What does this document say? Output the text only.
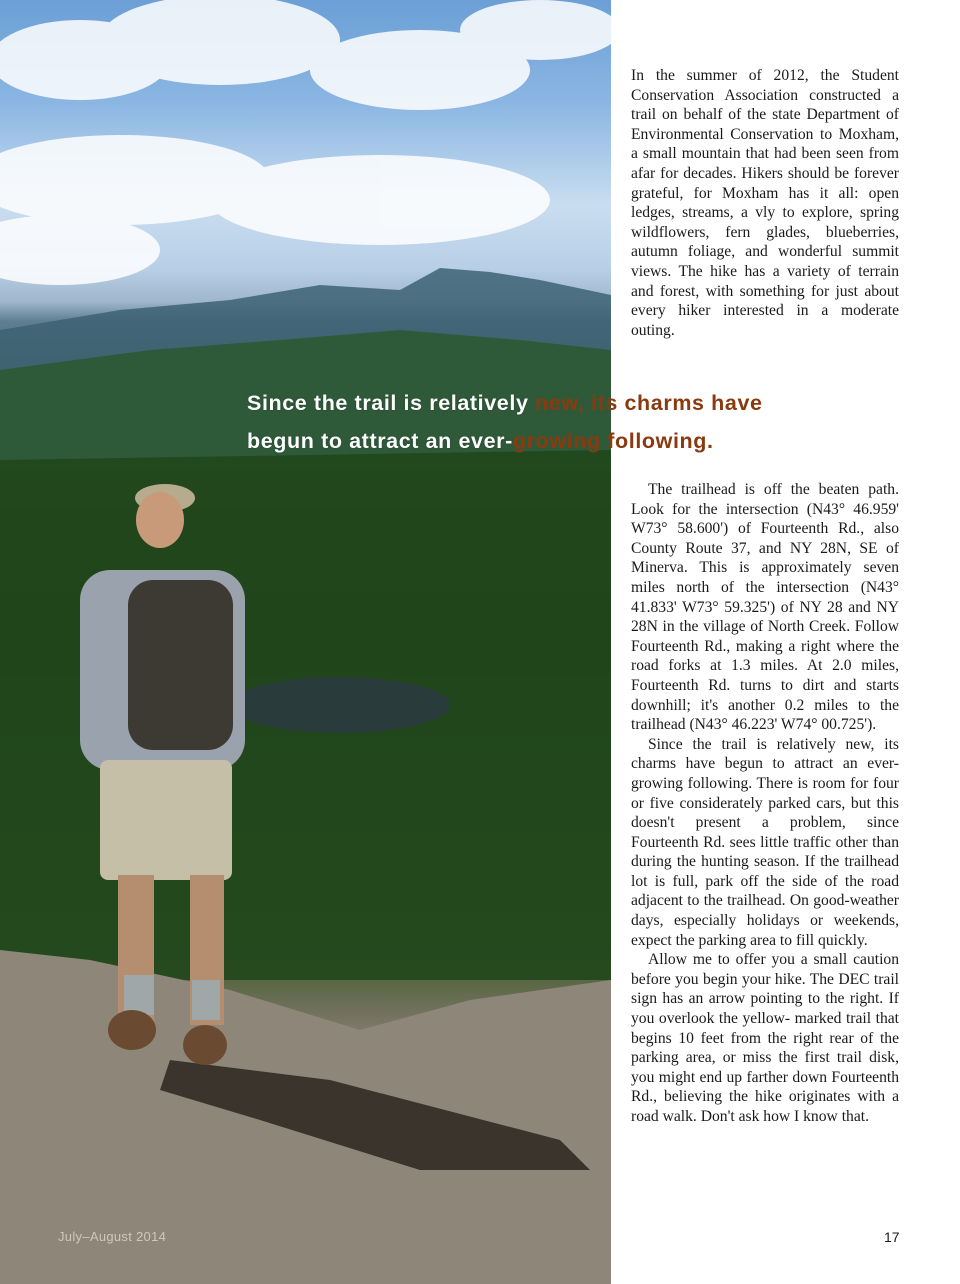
In the summer of 2012, the Student Conservation Association constructed a trail on behalf of the state Department of Environmental Conservation to Moxham, a small mountain that had been seen from afar for decades. Hikers should be forever grateful, for Moxham has it all: open ledges, streams, a vly to explore, spring wildflowers, fern glades, blueberries, autumn foliage, and wonderful summit views. The hike has a variety of terrain and forest, with something for just about every hiker interested in a moderate outing.

Since the trail is relatively new, its charms have
begun to attract an ever-growing following.

The trailhead is off the beaten path. Look for the intersection (N43° 46.959' W73° 58.600') of Fourteenth Rd., also County Route 37, and NY 28N, SE of Minerva. This is approximately seven miles north of the intersection (N43° 41.833' W73° 59.325') of NY 28 and NY 28N in the village of North Creek. Follow Fourteenth Rd., making a right where the road forks at 1.3 miles. At 2.0 miles, Fourteenth Rd. turns to dirt and starts downhill; it's another 0.2 miles to the trailhead (N43° 46.223' W74° 00.725').

Since the trail is relatively new, its charms have begun to attract an ever-growing following. There is room for four or five considerately parked cars, but this doesn't present a problem, since Fourteenth Rd. sees little traffic other than during the hunting season. If the trailhead lot is full, park off the side of the road adjacent to the trailhead. On good-weather days, especially holidays or weekends, expect the parking area to fill quickly.

Allow me to offer you a small caution before you begin your hike. The DEC trail sign has an arrow pointing to the right. If you overlook the yellow- marked trail that begins 10 feet from the right rear of the parking area, or miss the first trail disk, you might end up farther down Fourteenth Rd., believing the hike originates with a road walk. Don't ask how I know that.

July–August 2014	17
